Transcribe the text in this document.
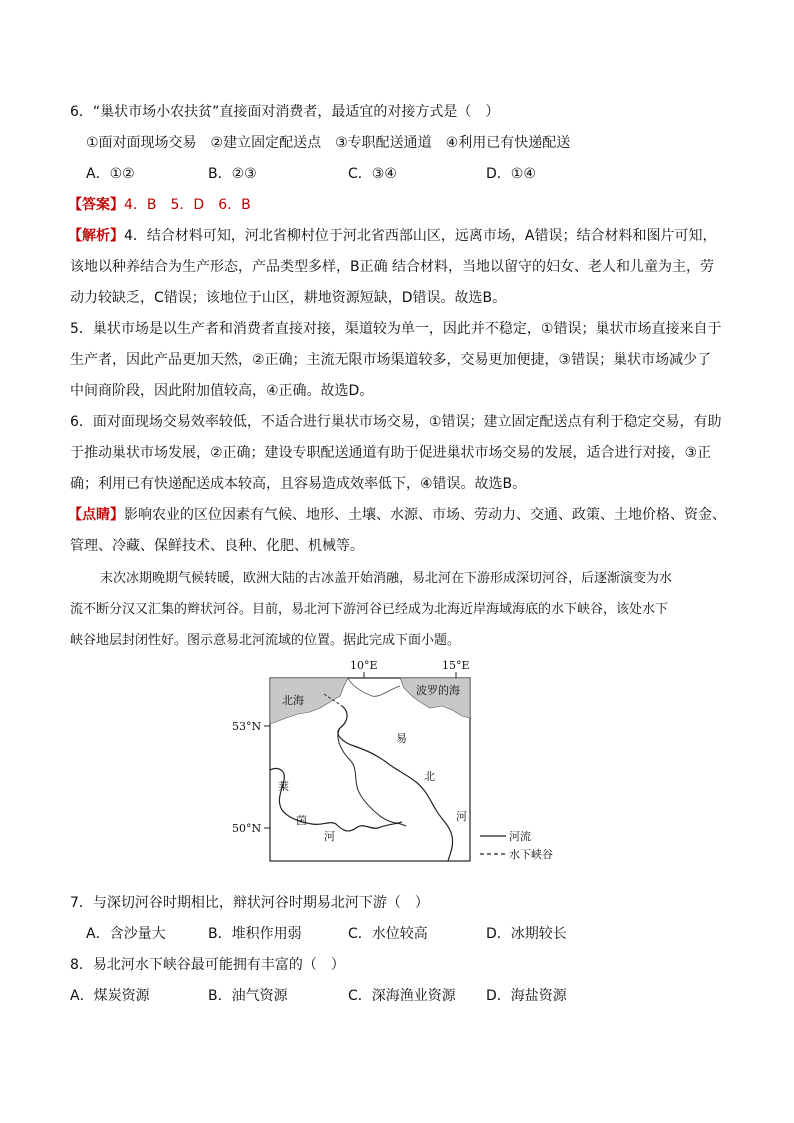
6．“巢状市场小农扶贫”直接面对消费者，最适宜的对接方式是（　）
①面对面现场交易　②建立固定配送点　③专职配送通道　④利用已有快递配送
A．①②	B．②③	C．③④	D．①④
【答案】4．B　5．D　6．B
【解析】4．结合材料可知，河北省柳村位于河北省西部山区，远离市场，A错误；结合材料和图片可知，
该地以种养结合为生产形态，产品类型多样，B正确 结合材料，当地以留守的妇女、老人和儿童为主，劳
动力较缺乏，C错误；该地位于山区，耕地资源短缺，D错误。故选B。
5．巢状市场是以生产者和消费者直接对接，渠道较为单一，因此并不稳定，①错误；巢状市场直接来自于
生产者，因此产品更加天然，②正确；主流无限市场渠道较多，交易更加便捷，③错误；巢状市场减少了
中间商阶段，因此附加值较高，④正确。故选D。
6．面对面现场交易效率较低，不适合进行巢状市场交易，①错误；建立固定配送点有利于稳定交易，有助
于推动巢状市场发展，②正确；建设专职配送通道有助于促进巢状市场交易的发展，适合进行对接，③正
确；利用已有快递配送成本较高，且容易造成效率低下，④错误。故选B。
【点睛】影响农业的区位因素有气候、地形、土壤、水源、市场、劳动力、交通、政策、土地价格、资金、
管理、冷藏、保鲜技术、良种、化肥、机械等。
末次冰期晚期气候转暖，欧洲大陆的古冰盖开始消融，易北河在下游形成深切河谷，后逐渐演变为水
流不断分汉又汇集的辫状河谷。目前，易北河下游河谷已经成为北海近岸海域海底的水下峡谷，该处水下
峡谷地层封闭性好。图示意易北河流域的位置。据此完成下面小题。
10°E	15°E
53°N
50°N
北海
波罗的海
易
北
河
莱
茵
河	河流
水下峡谷
7．与深切河谷时期相比，辩状河谷时期易北河下游（　）
A．含沙量大	B．堆积作用弱	C．水位较高	D．冰期较长
8．易北河水下峡谷最可能拥有丰富的（　）
A．煤炭资源	B．油气资源	C．深海渔业资源 D．海盐资源
